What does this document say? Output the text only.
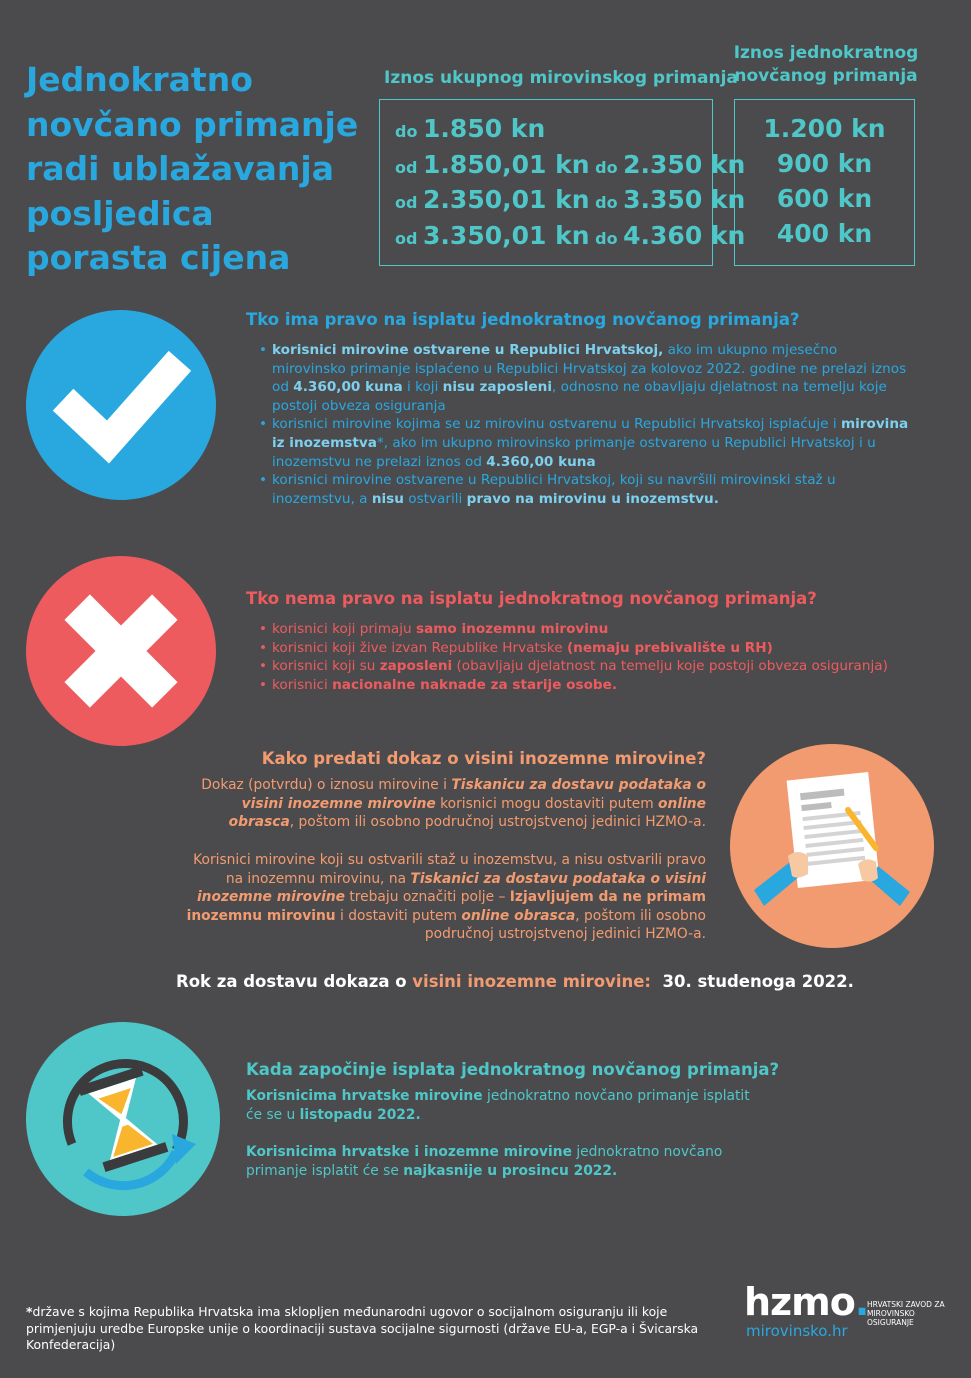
Jednokratno novčano primanje radi ublažavanja posljedica porasta cijena
Iznos ukupnog mirovinskog primanja
Iznos jednokratnog novčanog primanja
do 1.850 kn
od 1.850,01 kn do 2.350 kn
od 2.350,01 kn do 3.350 kn
od 3.350,01 kn do 4.360 kn
1.200 kn
900 kn
600 kn
400 kn
Tko ima pravo na isplatu jednokratnog novčanog primanja?
• korisnici mirovine ostvarene u Republici Hrvatskoj, ako im ukupno mjesečno mirovinsko primanje isplaćeno u Republici Hrvatskoj za kolovoz 2022. godine ne prelazi iznos od 4.360,00 kuna i koji nisu zaposleni, odnosno ne obavljaju djelatnost na temelju koje postoji obveza osiguranja
• korisnici mirovine kojima se uz mirovinu ostvarenu u Republici Hrvatskoj isplaćuje i mirovina iz inozemstva*, ako im ukupno mirovinsko primanje ostvareno u Republici Hrvatskoj i u inozemstvu ne prelazi iznos od 4.360,00 kuna
• korisnici mirovine ostvarene u Republici Hrvatskoj, koji su navršili mirovinski staž u inozemstvu, a nisu ostvarili pravo na mirovinu u inozemstvu.
Tko nema pravo na isplatu jednokratnog novčanog primanja?
• korisnici koji primaju samo inozemnu mirovinu
• korisnici koji žive izvan Republike Hrvatske (nemaju prebivalište u RH)
• korisnici koji su zaposleni (obavljaju djelatnost na temelju koje postoji obveza osiguranja)
• korisnici nacionalne naknade za starije osobe.
Kako predati dokaz o visini inozemne mirovine?
Dokaz (potvrdu) o iznosu mirovine i Tiskanicu za dostavu podataka o visini inozemne mirovine korisnici mogu dostaviti putem online obrasca, poštom ili osobno područnoj ustrojstvenoj jedinici HZMO-a.
Korisnici mirovine koji su ostvarili staž u inozemstvu, a nisu ostvarili pravo na inozemnu mirovinu, na Tiskanici za dostavu podataka o visini inozemne mirovine trebaju označiti polje – Izjavljujem da ne primam inozemnu mirovinu i dostaviti putem online obrasca, poštom ili osobno područnoj ustrojstvenoj jedinici HZMO-a.
Rok za dostavu dokaza o visini inozemne mirovine: 30. studenoga 2022.
Kada započinje isplata jednokratnog novčanog primanja?
Korisnicima hrvatske mirovine jednokratno novčano primanje isplatit će se u listopadu 2022.
Korisnicima hrvatske i inozemne mirovine jednokratno novčano primanje isplatit će se najkasnije u prosincu 2022.
*države s kojima Republika Hrvatska ima sklopljen međunarodni ugovor o socijalnom osiguranju ili koje primjenjuju uredbe Europske unije o koordinaciji sustava socijalne sigurnosti (države EU-a, EGP-a i Švicarska Konfederacija)
hzmo.
HRVATSKI ZAVOD ZA MIROVINSKO OSIGURANJE
mirovinsko.hr
